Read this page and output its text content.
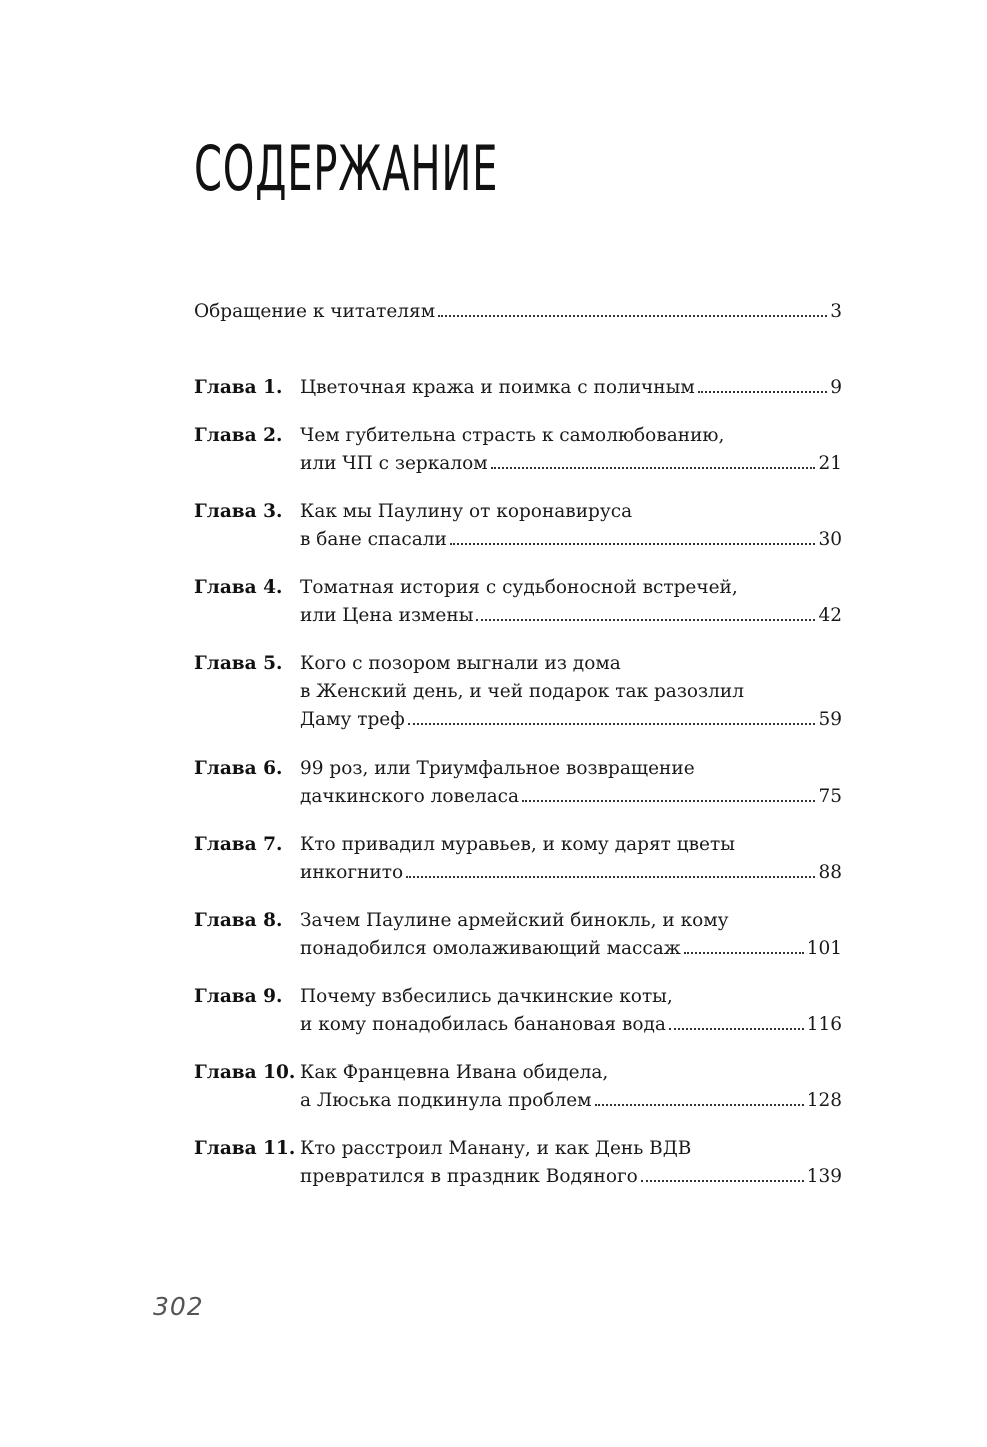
СОДЕРЖАНИЕ
Обращение к читателям	3
Глава 1. Цветочная кража и поимка с поличным	9
Глава 2. Чем губительна страсть к самолюбованию,
или ЧП с зеркалом	21
Глава 3. Как мы Паулину от коронавируса
в бане спасали	30
Глава 4. Томатная история с судьбоносной встречей,
или Цена измены	42
Глава 5. Кого с позором выгнали из дома
в Женский день, и чей подарок так разозлил
Даму треф	59
Глава 6. 99 роз, или Триумфальное возвращение
дачкинского ловеласа	75
Глава 7. Кто привадил муравьев, и кому дарят цветы
инкогнито	88
Глава 8. Зачем Паулине армейский бинокль, и кому
понадобился омолаживающий массаж	101
Глава 9. Почему взбесились дачкинские коты,
и кому понадобилась банановая вода	116
Глава 10. Как Францевна Ивана обидела,
а Люська подкинула проблем	128
Глава 11. Кто расстроил Манану, и как День ВДВ
превратился в праздник Водяного	139
302
